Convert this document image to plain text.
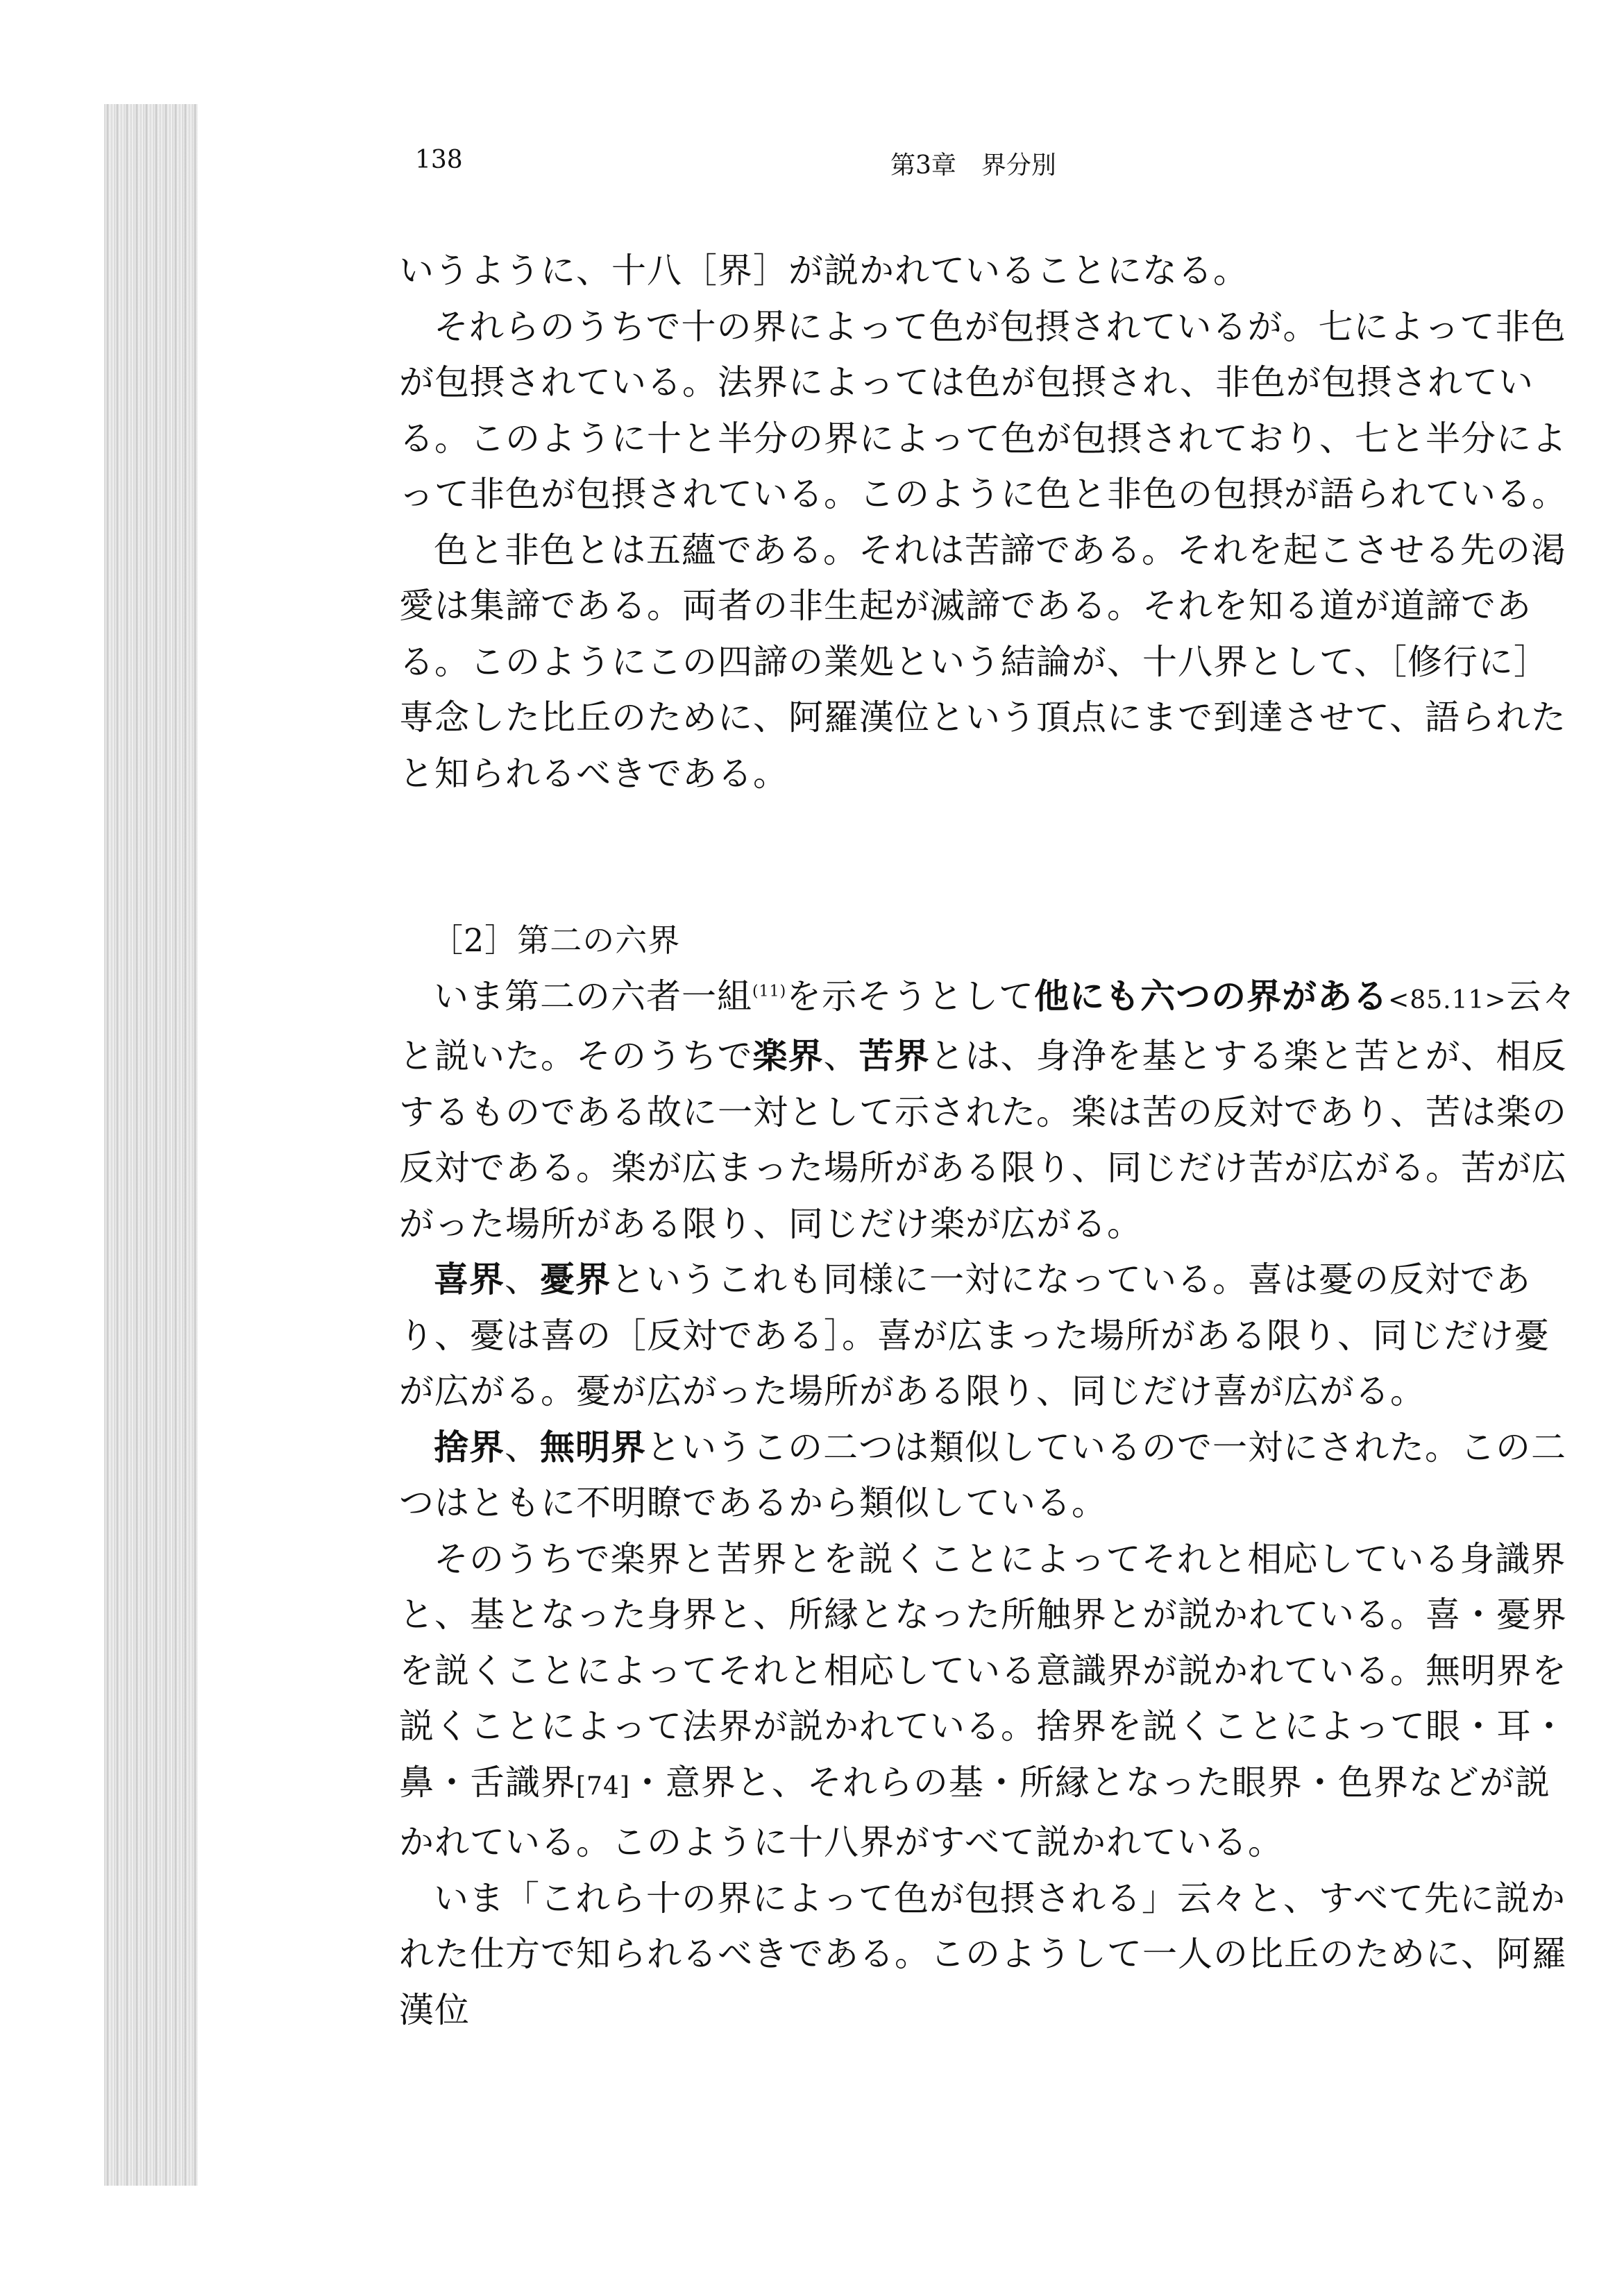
138	第3章　界分別

いうように、十八［界］が説かれていることになる。

それらのうちで十の界によって色が包摂されているが。七によって非色が包摂されている。法界によっては色が包摂され、非色が包摂されている。このように十と半分の界によって色が包摂されており、七と半分によって非色が包摂されている。このように色と非色の包摂が語られている。

色と非色とは五蘊である。それは苦諦である。それを起こさせる先の渇愛は集諦である。両者の非生起が滅諦である。それを知る道が道諦である。このようにこの四諦の業処という結論が、十八界として、［修行に］専念した比丘のために、阿羅漢位という頂点にまで到達させて、語られたと知られるべきである。

［2］第二の六界

いま第二の六者一組$^{(11)}$を示そうとして他にも六つの界がある<85.11>云々と説いた。そのうちで楽界、苦界とは、身浄を基とする楽と苦とが、相反するものである故に一対として示された。楽は苦の反対であり、苦は楽の反対である。楽が広まった場所がある限り、同じだけ苦が広がる。苦が広がった場所がある限り、同じだけ楽が広がる。

喜界、憂界というこれも同様に一対になっている。喜は憂の反対であり、憂は喜の［反対である］。喜が広まった場所がある限り、同じだけ憂が広がる。憂が広がった場所がある限り、同じだけ喜が広がる。

捨界、無明界というこの二つは類似しているので一対にされた。この二つはともに不明瞭であるから類似している。

そのうちで楽界と苦界とを説くことによってそれと相応している身識界と、基となった身界と、所縁となった所触界とが説かれている。喜・憂界を説くことによってそれと相応している意識界が説かれている。無明界を説くことによって法界が説かれている。捨界を説くことによって眼・耳・鼻・舌識界[74]・意界と、それらの基・所縁となった眼界・色界などが説かれている。このように十八界がすべて説かれている。

いま「これら十の界によって色が包摂される」云々と、すべて先に説かれた仕方で知られるべきである。このようして一人の比丘のために、阿羅漢位
